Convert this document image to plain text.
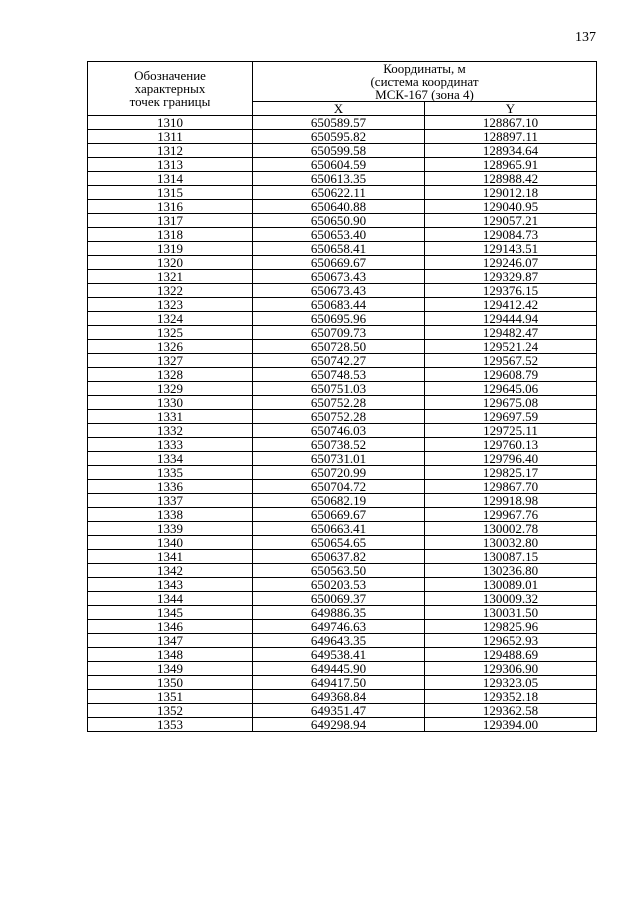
137
Обозначение
характерных
точек границы	Координаты, м
(система координат
МСК-167 (зона 4)	
	X	Y
1310	650589.57	128867.10
1311	650595.82	128897.11
1312	650599.58	128934.64
1313	650604.59	128965.91
1314	650613.35	128988.42
1315	650622.11	129012.18
1316	650640.88	129040.95
1317	650650.90	129057.21
1318	650653.40	129084.73
1319	650658.41	129143.51
1320	650669.67	129246.07
1321	650673.43	129329.87
1322	650673.43	129376.15
1323	650683.44	129412.42
1324	650695.96	129444.94
1325	650709.73	129482.47
1326	650728.50	129521.24
1327	650742.27	129567.52
1328	650748.53	129608.79
1329	650751.03	129645.06
1330	650752.28	129675.08
1331	650752.28	129697.59
1332	650746.03	129725.11
1333	650738.52	129760.13
1334	650731.01	129796.40
1335	650720.99	129825.17
1336	650704.72	129867.70
1337	650682.19	129918.98
1338	650669.67	129967.76
1339	650663.41	130002.78
1340	650654.65	130032.80
1341	650637.82	130087.15
1342	650563.50	130236.80
1343	650203.53	130089.01
1344	650069.37	130009.32
1345	649886.35	130031.50
1346	649746.63	129825.96
1347	649643.35	129652.93
1348	649538.41	129488.69
1349	649445.90	129306.90
1350	649417.50	129323.05
1351	649368.84	129352.18
1352	649351.47	129362.58
1353	649298.94	129394.00
